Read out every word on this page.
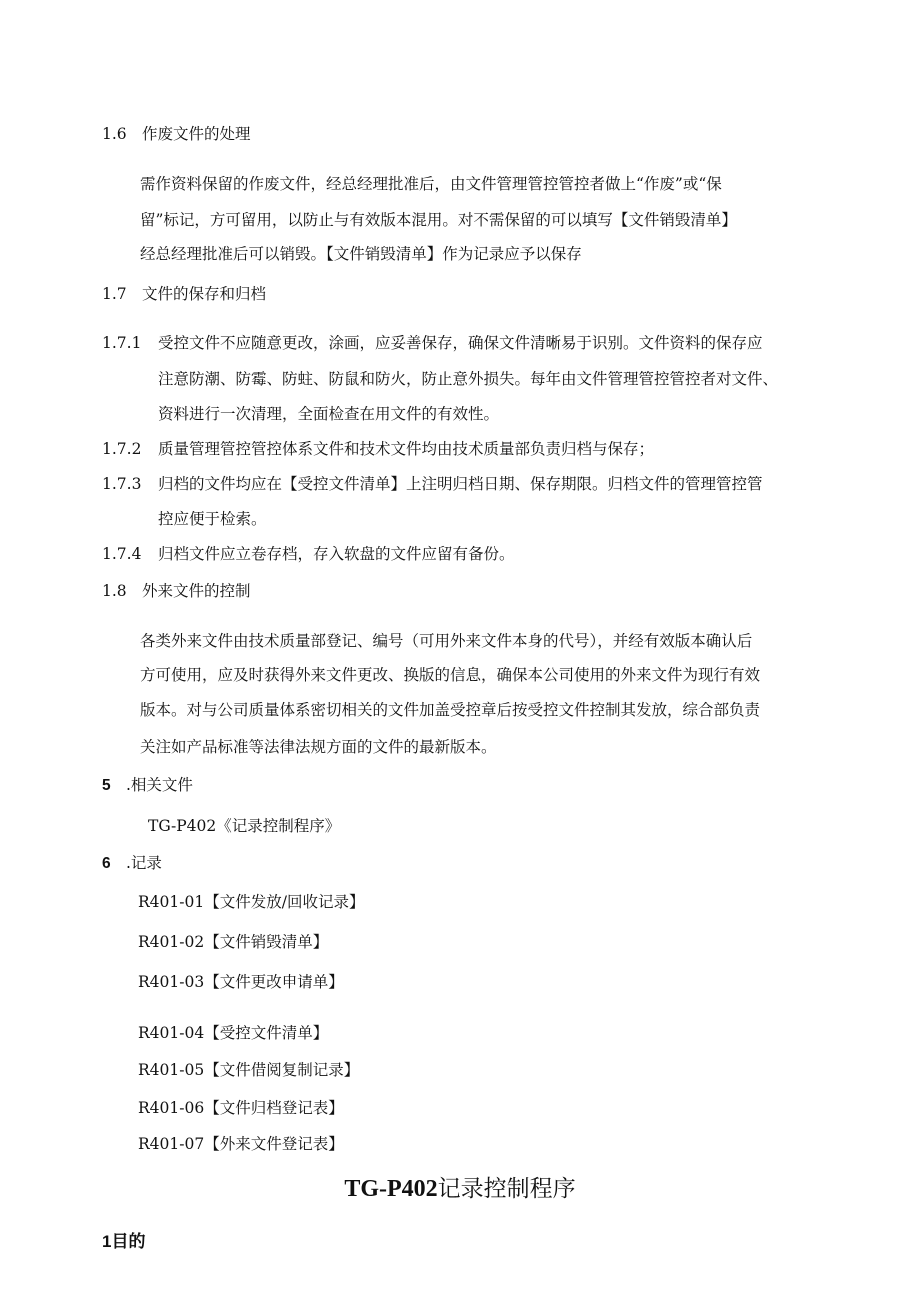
1.6 作废文件的处理
需作资料保留的作废文件，经总经理批准后，由文件管理管控管控者做上“作废”或“保
留”标记，方可留用，以防止与有效版本混用。对不需保留的可以填写【文件销毁清单】
经总经理批准后可以销毁。【文件销毁清单】作为记录应予以保存
1.7 文件的保存和归档
1.7.1 受控文件不应随意更改，涂画，应妥善保存，确保文件清晰易于识别。文件资料的保存应
注意防潮、防霉、防蛀、防鼠和防火，防止意外损失。每年由文件管理管控管控者对文件、
资料进行一次清理，全面检查在用文件的有效性。
1.7.2 质量管理管控管控体系文件和技术文件均由技术质量部负责归档与保存；
1.7.3 归档的文件均应在【受控文件清单】上注明归档日期、保存期限。归档文件的管理管控管
控应便于检索。
1.7.4 归档文件应立卷存档，存入软盘的文件应留有备份。
1.8 外来文件的控制
各类外来文件由技术质量部登记、编号（可用外来文件本身的代号），并经有效版本确认后
方可使用，应及时获得外来文件更改、换版的信息，确保本公司使用的外来文件为现行有效
版本。对与公司质量体系密切相关的文件加盖受控章后按受控文件控制其发放，综合部负责
关注如产品标准等法律法规方面的文件的最新版本。
5 .相关文件
TG-P402《记录控制程序》
6 .记录
R401-01【文件发放/回收记录】
R401-02【文件销毁清单】
R401-03【文件更改申请单】
R401-04【受控文件清单】
R401-05【文件借阅复制记录】
R401-06【文件归档登记表】
R401-07【外来文件登记表】
TG-P402记录控制程序
1目的
